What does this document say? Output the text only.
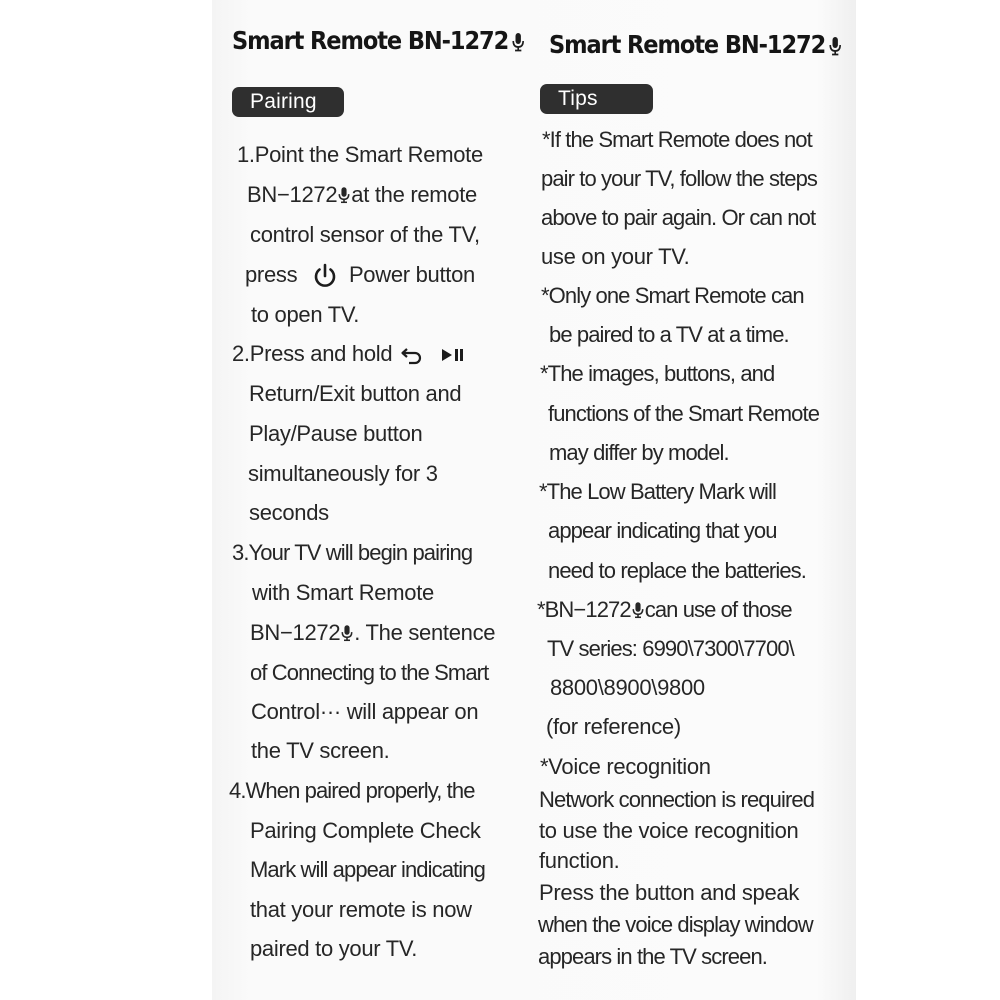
Smart Remote BN-1272
Pairing
1.Point the Smart Remote
BN−1272 at the remote
control sensor of the TV,
press Power button
to open TV.
2.Press and hold
Return/Exit button and
Play/Pause button
simultaneously for 3
seconds
3.Your TV will begin pairing
with Smart Remote
BN−1272 . The sentence
of Connecting to the Smart
Control··· will appear on
the TV screen.
4.When paired properly, the
Pairing Complete Check
Mark will appear indicating
that your remote is now
paired to your TV.
Smart Remote BN-1272
Tips
*If the Smart Remote does not
pair to your TV, follow the steps
above to pair again. Or can not
use on your TV.
*Only one Smart Remote can
be paired to a TV at a time.
*The images, buttons, and
functions of the Smart Remote
may differ by model.
*The Low Battery Mark will
appear indicating that you
need to replace the batteries.
*BN−1272 can use of those
TV series: 6990\7300\7700\
8800\8900\9800
(for reference)
*Voice recognition
Network connection is required
to use the voice recognition
function.
Press the button and speak
when the voice display window
appears in the TV screen.
